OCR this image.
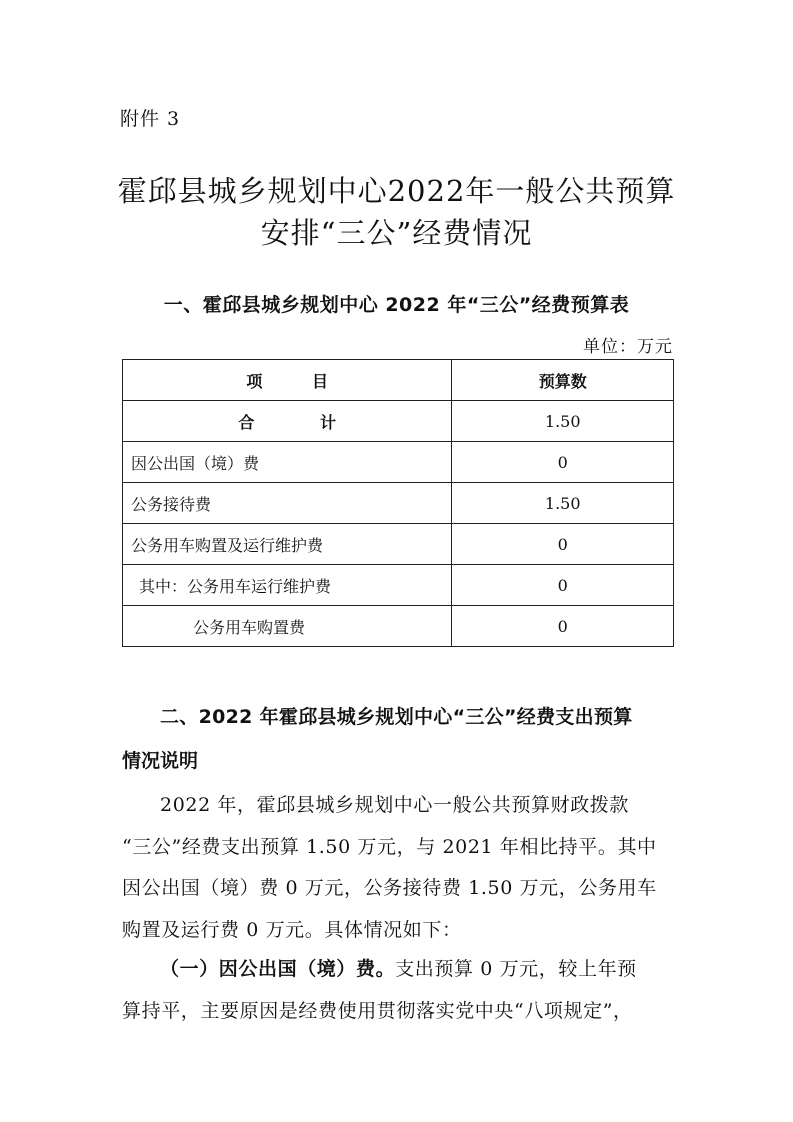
附件 3
霍邱县城乡规划中心2022年一般公共预算
安排“三公”经费情况
一、霍邱县城乡规划中心 2022 年“三公”经费预算表
单位：万元
项 目	预算数
合 计	1.50
因公出国（境）费	0
公务接待费	1.50
公务用车购置及运行维护费	0
其中：公务用车运行维护费	0
公务用车购置费	0
二、2022 年霍邱县城乡规划中心“三公”经费支出预算
情况说明
2022 年，霍邱县城乡规划中心一般公共预算财政拨款
“三公”经费支出预算 1.50 万元，与 2021 年相比持平。其中
因公出国（境）费 0 万元，公务接待费 1.50 万元，公务用车
购置及运行费 0 万元。具体情况如下：
（一）因公出国（境）费。支出预算 0 万元，较上年预
算持平，主要原因是经费使用贯彻落实党中央“八项规定”，
